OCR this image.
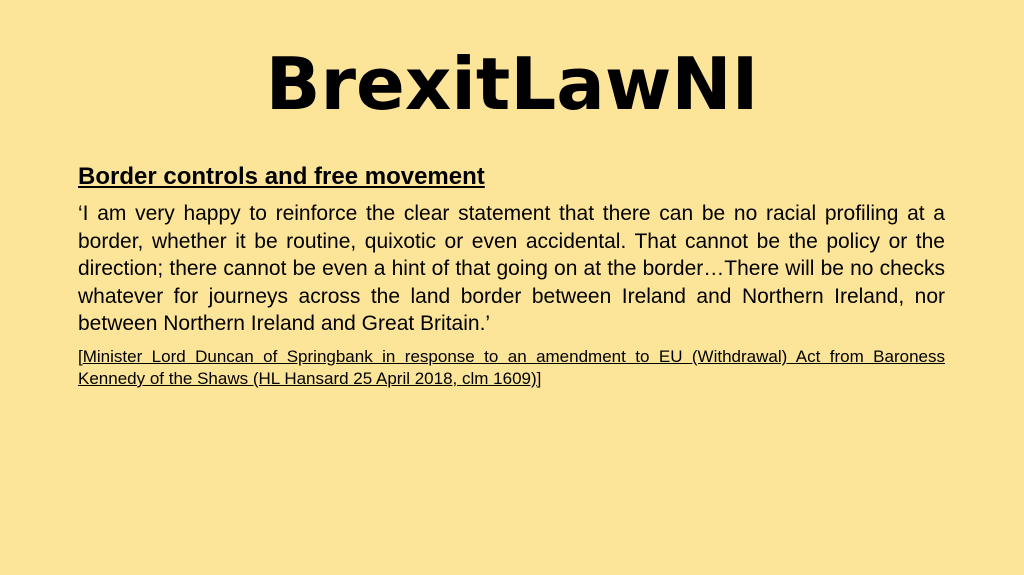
BrexitLawNI

Border controls and free movement

‘I am very happy to reinforce the clear statement that there can be no racial profiling at a border, whether it be routine, quixotic or even accidental. That cannot be the policy or the direction; there cannot be even a hint of that going on at the border…There will be no checks whatever for journeys across the land border between Ireland and Northern Ireland, nor between Northern Ireland and Great Britain.’

[Minister Lord Duncan of Springbank in response to an amendment to EU (Withdrawal) Act from Baroness Kennedy of the Shaws (HL Hansard 25 April 2018, clm 1609)]
